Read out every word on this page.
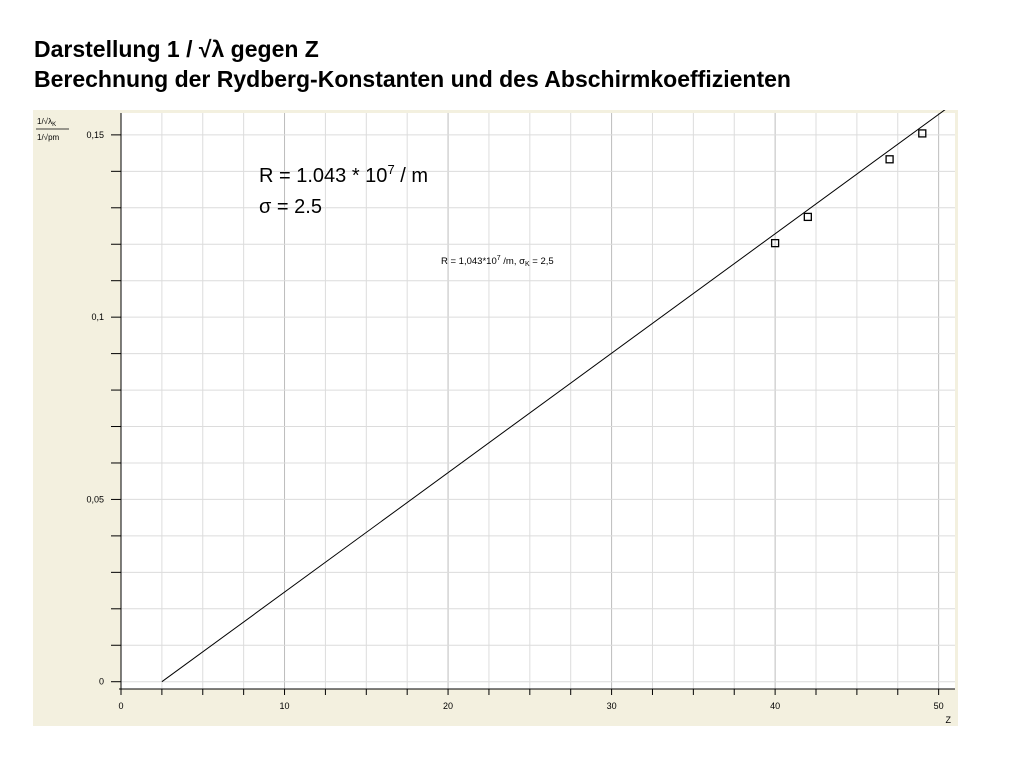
Darstellung 1 / √λ gegen Z
Berechnung der Rydberg-Konstanten und des Abschirmkoeffizienten
0
0,05
0,1
0,15
0	10	20	30	40	50
$1/√\lambda_K$
1/√pm
Z
$R = 1,043*10^7$ /m, $\sigma_K = 2,5$
$R = 1.043 * 10^7 / m$
σ = 2.5
